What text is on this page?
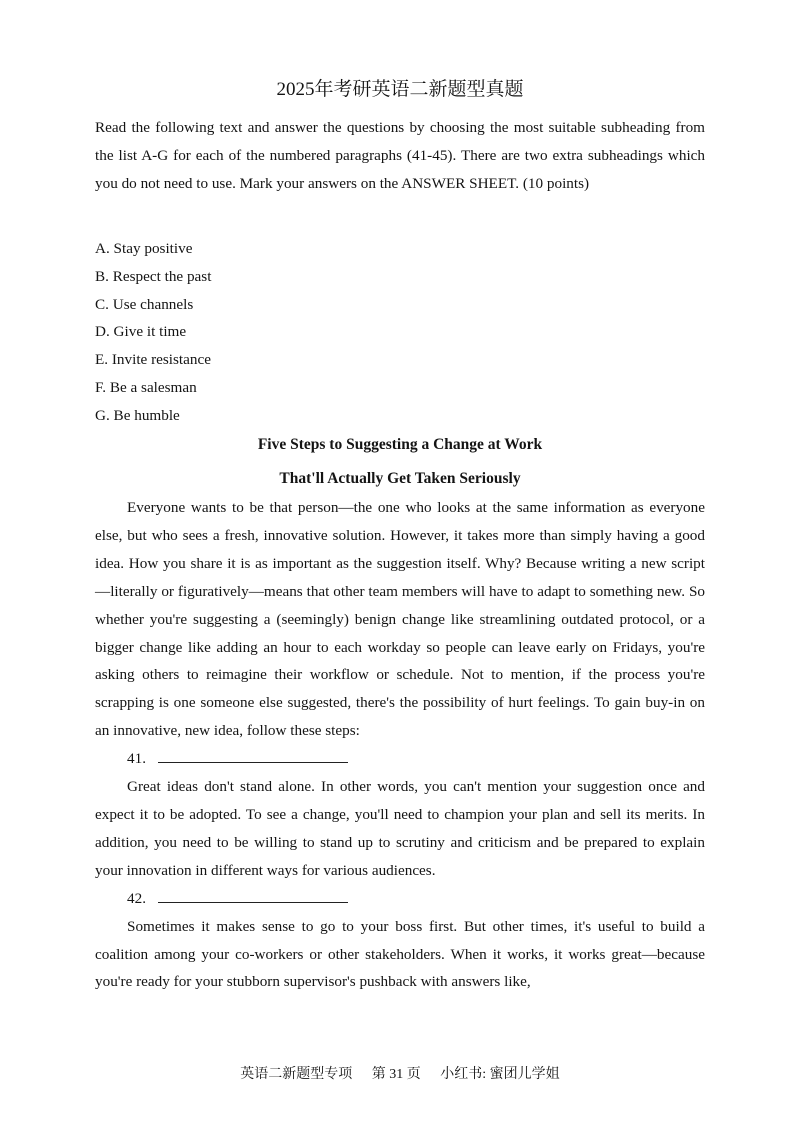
2025年考研英语二新题型真题
Read the following text and answer the questions by choosing the most suitable subheading from the list A-G for each of the numbered paragraphs (41-45). There are two extra subheadings which you do not need to use. Mark your answers on the ANSWER SHEET. (10 points)
A. Stay positive
B. Respect the past
C. Use channels
D. Give it time
E. Invite resistance
F. Be a salesman
G. Be humble
Five Steps to Suggesting a Change at Work
That'll Actually Get Taken Seriously

Everyone wants to be that person—the one who looks at the same information as everyone else, but who sees a fresh, innovative solution. However, it takes more than simply having a good idea. How you share it is as important as the suggestion itself. Why? Because writing a new script—literally or figuratively—means that other team members will have to adapt to something new. So whether you're suggesting a (seemingly) benign change like streamlining outdated protocol, or a bigger change like adding an hour to each workday so people can leave early on Fridays, you're asking others to reimagine their workflow or schedule. Not to mention, if the process you're scrapping is one someone else suggested, there's the possibility of hurt feelings. To gain buy-in on an innovative, new idea, follow these steps:

41.

Great ideas don't stand alone. In other words, you can't mention your suggestion once and expect it to be adopted. To see a change, you'll need to champion your plan and sell its merits. In addition, you need to be willing to stand up to scrutiny and criticism and be prepared to explain your innovation in different ways for various audiences.

42.

Sometimes it makes sense to go to your boss first. But other times, it's useful to build a coalition among your co-workers or other stakeholders. When it works, it works great—because you're ready for your stubborn supervisor's pushback with answers like,

英语二新题型专项 第 31 页 小红书: 蜜团儿学姐
